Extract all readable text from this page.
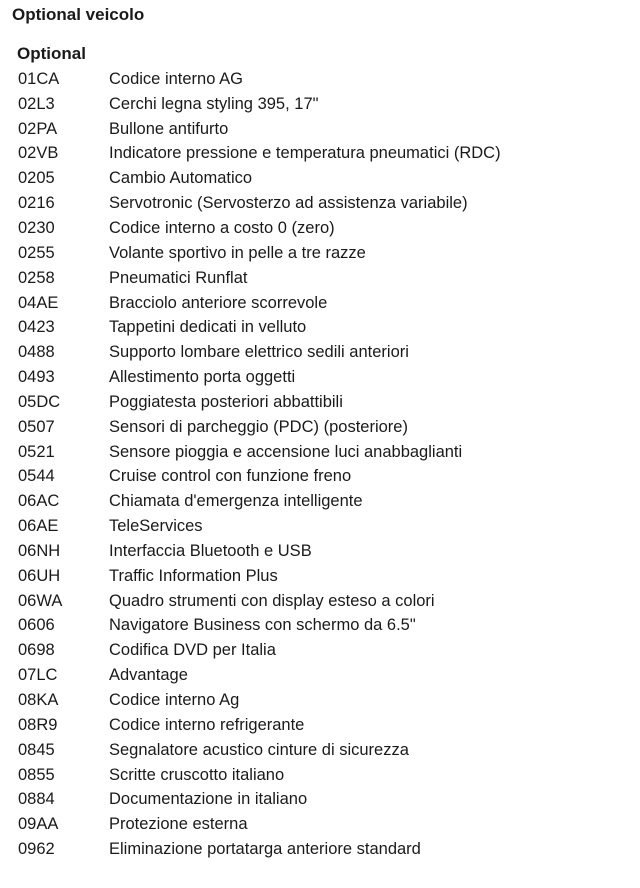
Optional veicolo
Optional
01CA	Codice interno AG
02L3	Cerchi legna styling 395, 17"
02PA	Bullone antifurto
02VB	Indicatore pressione e temperatura pneumatici (RDC)
0205	Cambio Automatico
0216	Servotronic (Servosterzo ad assistenza variabile)
0230	Codice interno a costo 0 (zero)
0255	Volante sportivo in pelle a tre razze
0258	Pneumatici Runflat
04AE	Bracciolo anteriore scorrevole
0423	Tappetini dedicati in velluto
0488	Supporto lombare elettrico sedili anteriori
0493	Allestimento porta oggetti
05DC	Poggiatesta posteriori abbattibili
0507	Sensori di parcheggio (PDC) (posteriore)
0521	Sensore pioggia e accensione luci anabbaglianti
0544	Cruise control con funzione freno
06AC	Chiamata d'emergenza intelligente
06AE	TeleServices
06NH	Interfaccia Bluetooth e USB
06UH	Traffic Information Plus
06WA	Quadro strumenti con display esteso a colori
0606	Navigatore Business con schermo da 6.5"
0698	Codifica DVD per Italia
07LC	Advantage
08KA	Codice interno Ag
08R9	Codice interno refrigerante
0845	Segnalatore acustico cinture di sicurezza
0855	Scritte cruscotto italiano
0884	Documentazione in italiano
09AA	Protezione esterna
0962	Eliminazione portatarga anteriore standard
